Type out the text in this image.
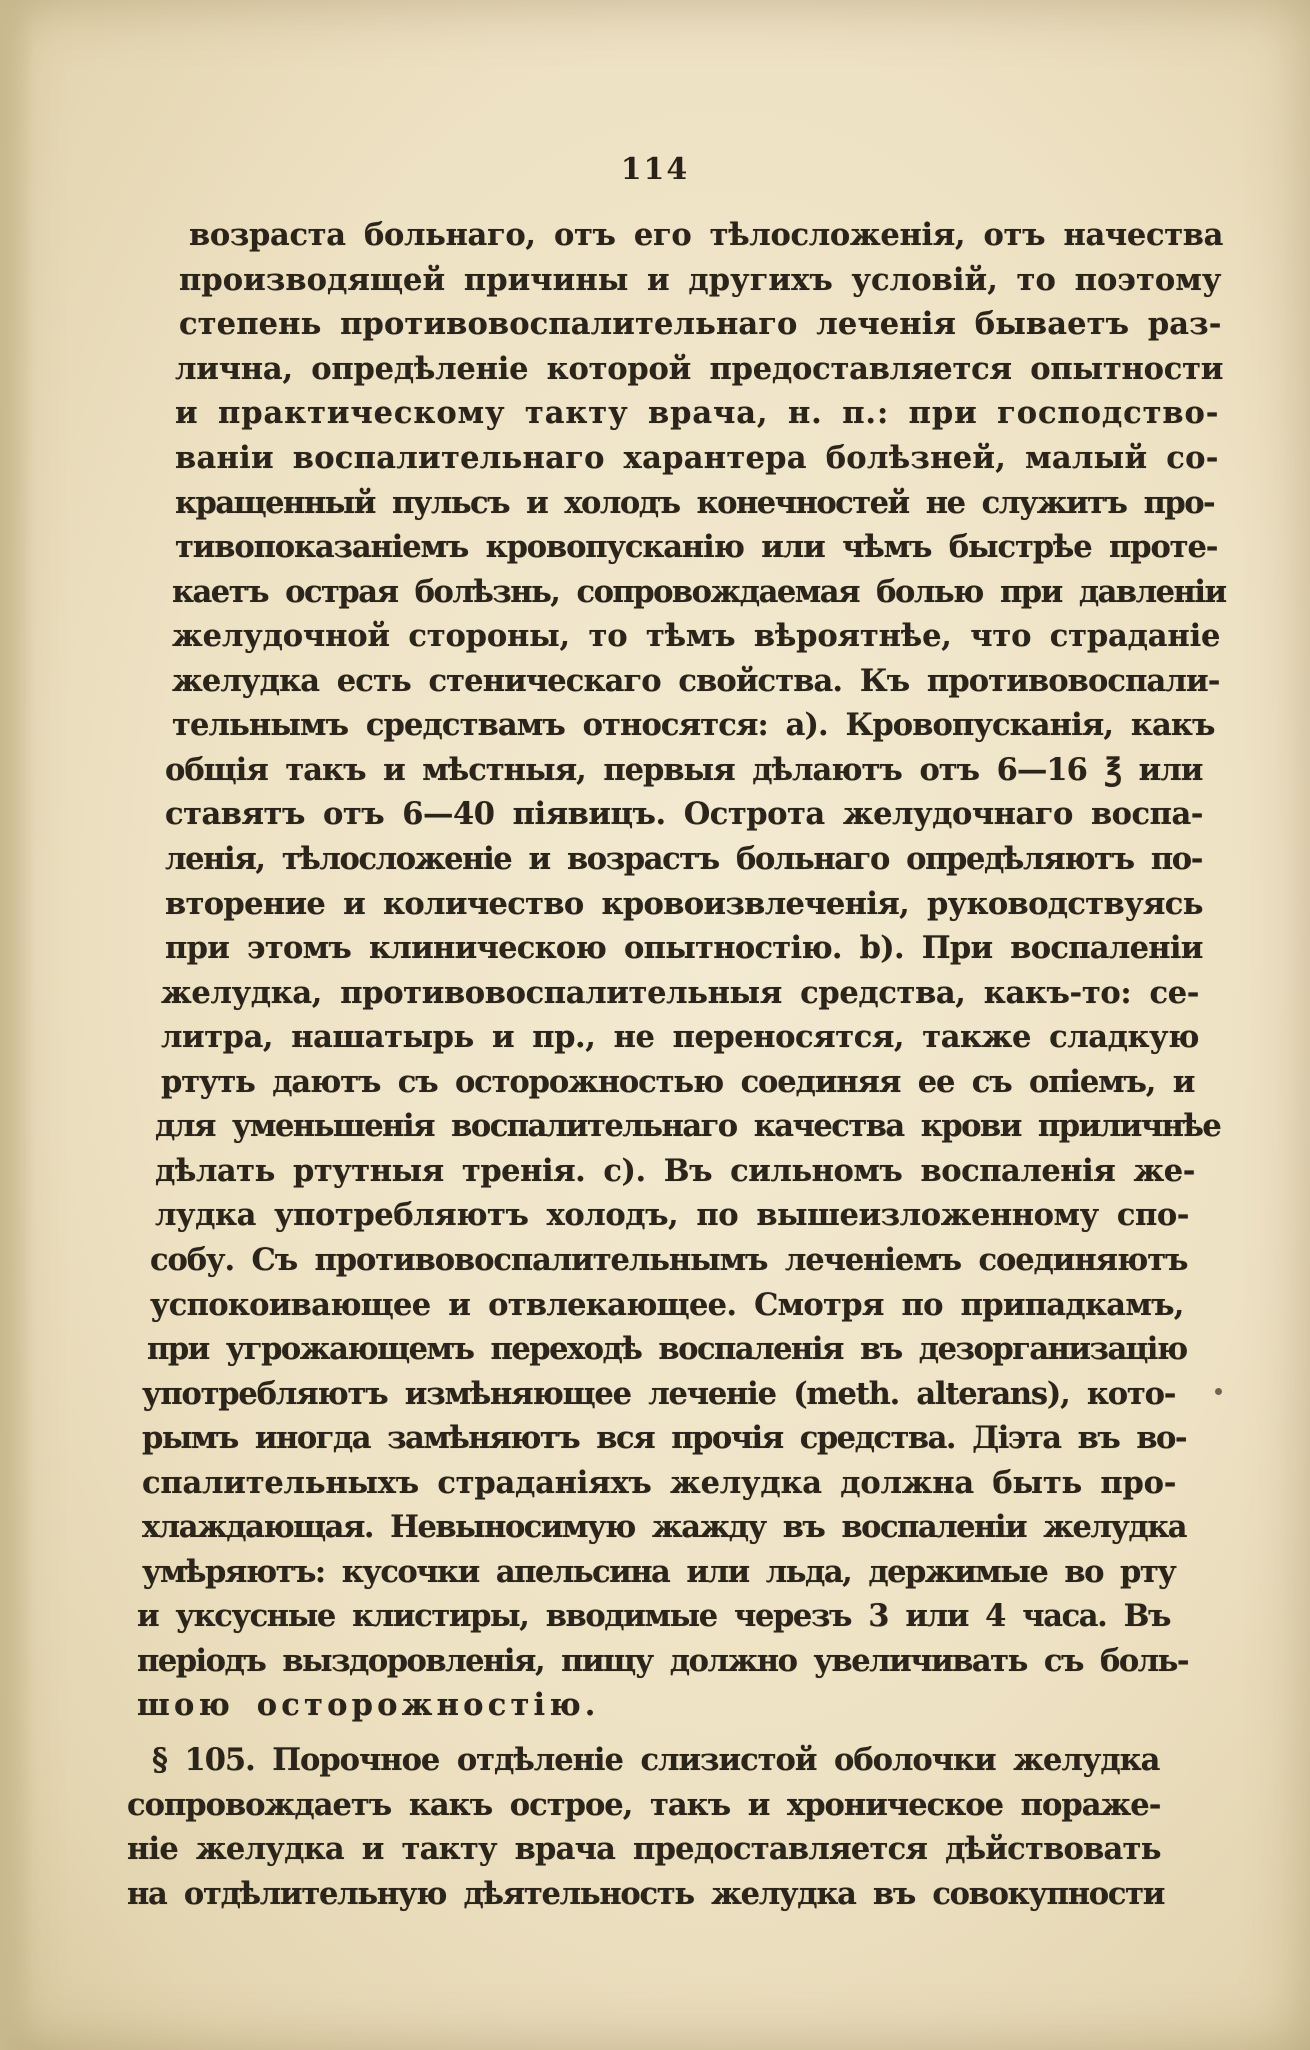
114
возраста больнаго, отъ его тѣлосложенія, отъ начества
производящей причины и другихъ условій, то поэтому
степень противовоспалительнаго леченія бываетъ раз-
лична, опредѣленіе которой предоставляется опытности
и практическому такту врача, н. п.: при господство-
ваніи воспалительнаго харантера болѣзней, малый со-
кращенный пульсъ и холодъ конечностей не служитъ про-
тивопоказаніемъ кровопусканію или чѣмъ быстрѣе проте-
каетъ острая болѣзнь, сопровождаемая болью при давленіи
желудочной стороны, то тѣмъ вѣроятнѣе, что страданіе
желудка есть стеническаго свойства. Къ противовоспали-
тельнымъ средствамъ относятся: а). Кровопусканія, какъ
общія такъ и мѣстныя, первыя дѣлаютъ отъ 6—16 ℥ или
ставятъ отъ 6—40 піявицъ. Острота желудочнаго воспа-
ленія, тѣлосложеніе и возрастъ больнаго опредѣляютъ по-
вторение и количество кровоизвлеченія, руководствуясь
при этомъ клиническою опытностію. b). При воспаленіи
желудка, противовоспалительныя средства, какъ-то: се-
литра, нашатырь и пр., не переносятся, также сладкую
ртуть даютъ съ осторожностью соединяя ее съ опіемъ, и
для уменьшенія воспалительнаго качества крови приличнѣе
дѣлать ртутныя тренія. с). Въ сильномъ воспаленія же-
лудка употребляютъ холодъ, по вышеизложенному спо-
собу. Съ противовоспалительнымъ леченіемъ соединяютъ
успокоивающее и отвлекающее. Смотря по припадкамъ,
при угрожающемъ переходѣ воспаленія въ дезорганизацію
употребляютъ измѣняющее леченіе (meth. alterans), кото-
рымъ иногда замѣняютъ вся прочія средства. Діэта въ во-
спалительныхъ страданіяхъ желудка должна быть про-
хлаждающая. Невыносимую жажду въ воспаленіи желудка
умѣряютъ: кусочки апельсина или льда, держимые во рту
и уксусные клистиры, вводимые черезъ 3 или 4 часа. Въ
періодъ выздоровленія, пищу должно увеличивать съ боль-
шою осторожностію.
§ 105. Порочное отдѣленіе слизистой оболочки желудка
сопровождаетъ какъ острое, такъ и хроническое пораже-
ніе желудка и такту врача предоставляется дѣйствовать
на отдѣлительную дѣятельность желудка въ совокупности
